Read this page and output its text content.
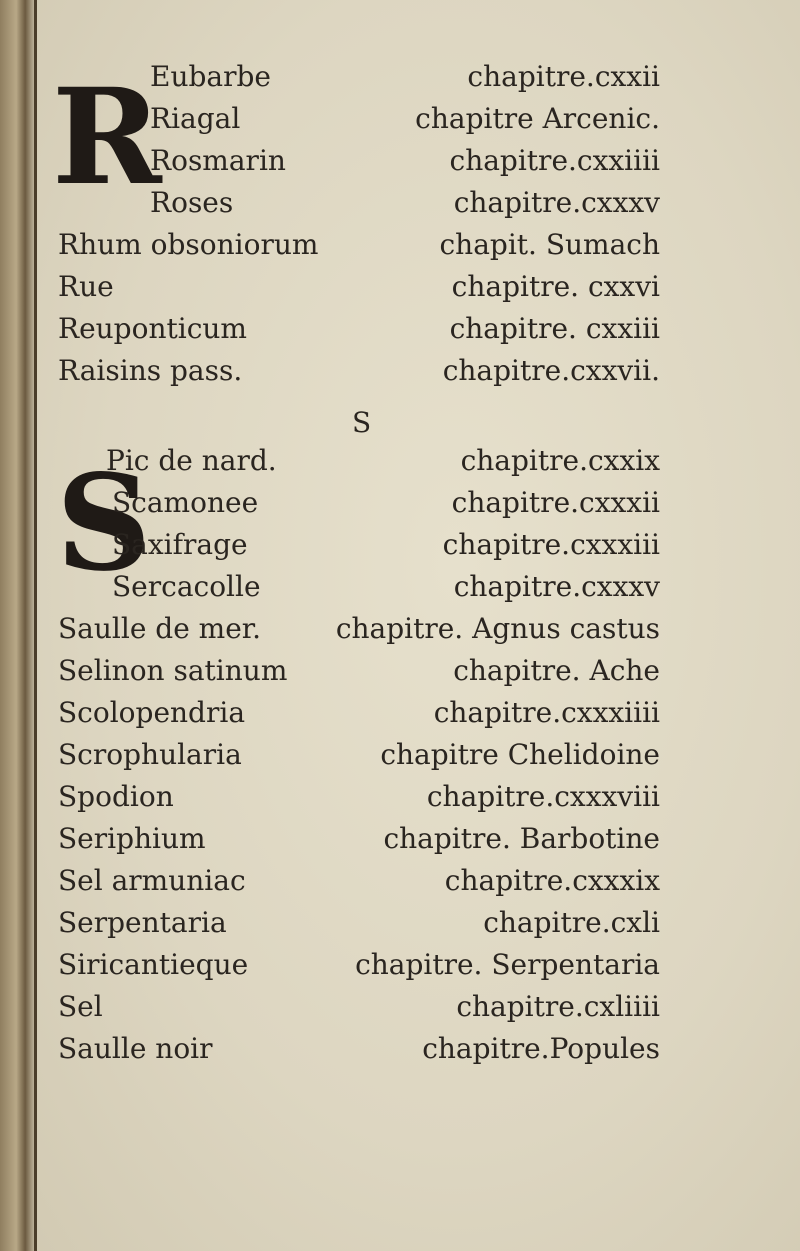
R
Eubarbe	chapitre.cxxii
Riagal	chapitre Arcenic.
Rosmarin	chapitre.cxxiiii
Roses	chapitre.cxxxv
Rhum obsoniorum	chapit. Sumach
Rue	chapitre. cxxvi
Reuponticum	chapitre. cxxiii
Raisins pass.	chapitre.cxxvii.
S
S
Pic de nard.	chapitre.cxxix
Scamonee	chapitre.cxxxii
Saxifrage	chapitre.cxxxiii
Sercacolle	chapitre.cxxxv
Saulle de mer.	chapitre. Agnus castus
Selinon satinum	chapitre. Ache
Scolopendria	chapitre.cxxxiiii
Scrophularia	chapitre Chelidoine
Spodion	chapitre.cxxxviii
Seriphium	chapitre. Barbotine
Sel armuniac	chapitre.cxxxix
Serpentaria	chapitre.cxli
Siricantieque	chapitre. Serpentaria
Sel	chapitre.cxliiii
Saulle noir	chapitre.Popules
